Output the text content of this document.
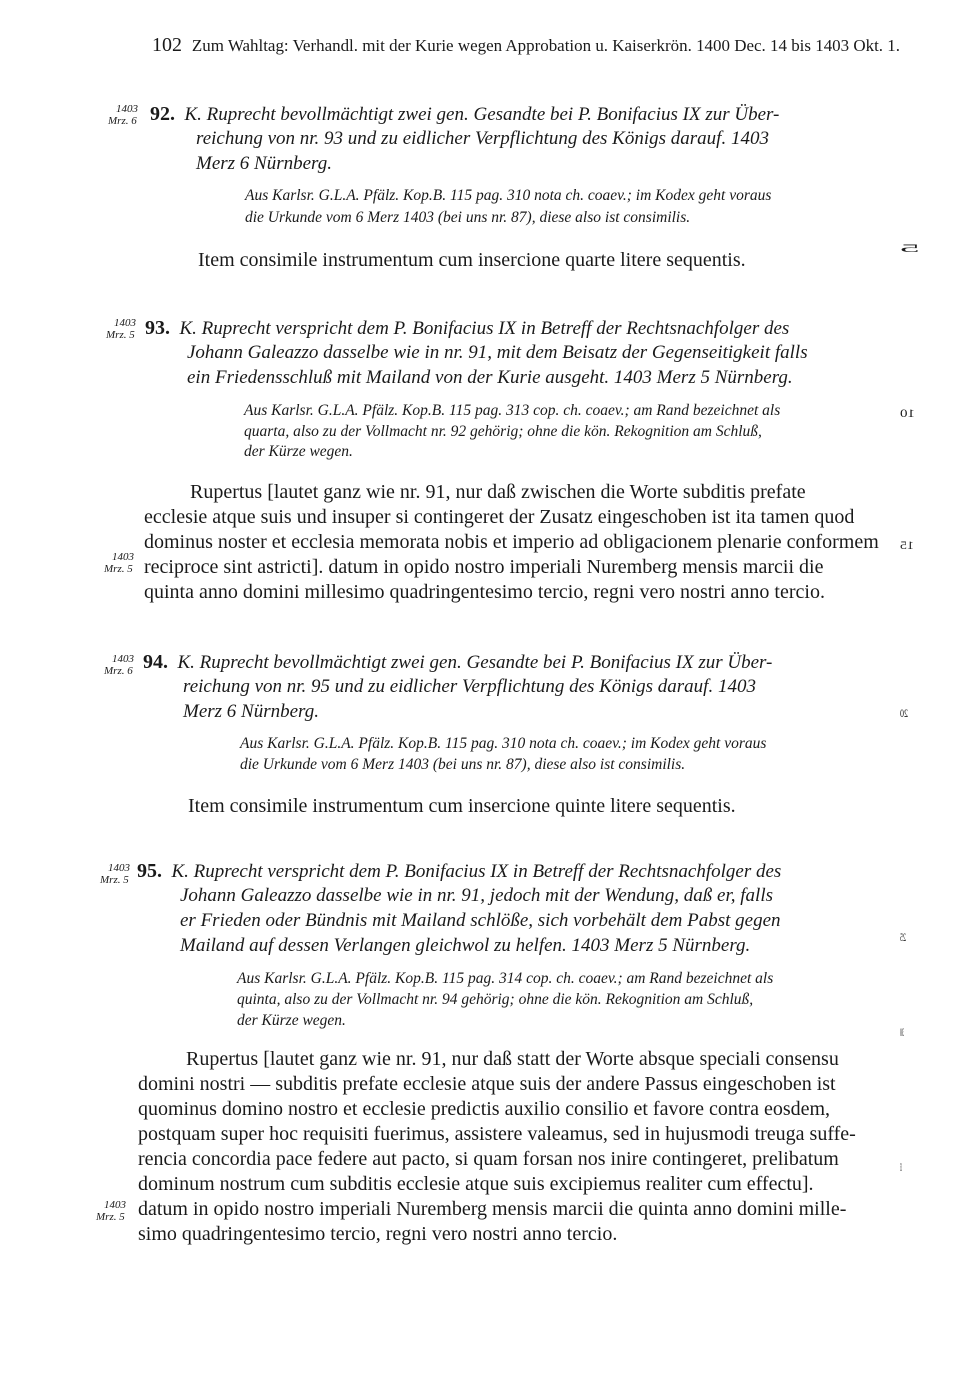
102 Zum Wahltag: Verhandl. mit der Kurie wegen Approbation u. Kaiserkrön. 1400 Dec. 14 bis 1403 Okt. 1.
5
10
15
20
25
30
35
1403
Mrz. 6 92. K. Ruprecht bevollmächtigt zwei gen. Gesandte bei P. Bonifacius IX zur Über-
reichung von nr. 93 und zu eidlicher Verpflichtung des Königs darauf. 1403
Merz 6 Nürnberg.
Aus Karlsr. G.L.A. Pfälz. Kop.B. 115 pag. 310 nota ch. coaev.; im Kodex geht voraus
die Urkunde vom 6 Merz 1403 (bei uns nr. 87), diese also ist consimilis.
Item consimile instrumentum cum insercione quarte litere sequentis.
1403
Mrz. 5 93. K. Ruprecht verspricht dem P. Bonifacius IX in Betreff der Rechtsnachfolger des
Johann Galeazzo dasselbe wie in nr. 91, mit dem Beisatz der Gegenseitigkeit falls
ein Friedensschluß mit Mailand von der Kurie ausgeht. 1403 Merz 5 Nürnberg.
Aus Karlsr. G.L.A. Pfälz. Kop.B. 115 pag. 313 cop. ch. coaev.; am Rand bezeichnet als
quarta, also zu der Vollmacht nr. 92 gehörig; ohne die kön. Rekognition am Schluß,
der Kürze wegen.
Rupertus [lautet ganz wie nr. 91, nur daß zwischen die Worte subditis prefate
ecclesie atque suis und insuper si contingeret der Zusatz eingeschoben ist ita tamen quod
dominus noster et ecclesia memorata nobis et imperio ad obligacionem plenarie conformem
reciproce sint astricti]. datum in opido nostro imperiali Nuremberg mensis marcii die
quinta anno domini millesimo quadringentesimo tercio, regni vero nostri anno tercio.
1403
Mrz. 5
1403
Mrz. 6 94. K. Ruprecht bevollmächtigt zwei gen. Gesandte bei P. Bonifacius IX zur Über-
reichung von nr. 95 und zu eidlicher Verpflichtung des Königs darauf. 1403
Merz 6 Nürnberg.
Aus Karlsr. G.L.A. Pfälz. Kop.B. 115 pag. 310 nota ch. coaev.; im Kodex geht voraus
die Urkunde vom 6 Merz 1403 (bei uns nr. 87), diese also ist consimilis.
Item consimile instrumentum cum insercione quinte litere sequentis.
1403
Mrz. 5 95. K. Ruprecht verspricht dem P. Bonifacius IX in Betreff der Rechtsnachfolger des
Johann Galeazzo dasselbe wie in nr. 91, jedoch mit der Wendung, daß er, falls
er Frieden oder Bündnis mit Mailand schlöße, sich vorbehält dem Pabst gegen
Mailand auf dessen Verlangen gleichwol zu helfen. 1403 Merz 5 Nürnberg.
Aus Karlsr. G.L.A. Pfälz. Kop.B. 115 pag. 314 cop. ch. coaev.; am Rand bezeichnet als
quinta, also zu der Vollmacht nr. 94 gehörig; ohne die kön. Rekognition am Schluß,
der Kürze wegen.
Rupertus [lautet ganz wie nr. 91, nur daß statt der Worte absque speciali consensu
domini nostri — subditis prefate ecclesie atque suis der andere Passus eingeschoben ist
quominus domino nostro et ecclesie predictis auxilio consilio et favore contra eosdem,
postquam super hoc requisiti fuerimus, assistere valeamus, sed in hujusmodi treuga suffe-
rencia concordia pace federe aut pacto, si quam forsan nos inire contingeret, prelibatum
dominum nostrum cum subditis ecclesie atque suis excipiemus realiter cum effectu].
datum in opido nostro imperiali Nuremberg mensis marcii die quinta anno domini mille-
simo quadringentesimo tercio, regni vero nostri anno tercio.
1403
Mrz. 5
